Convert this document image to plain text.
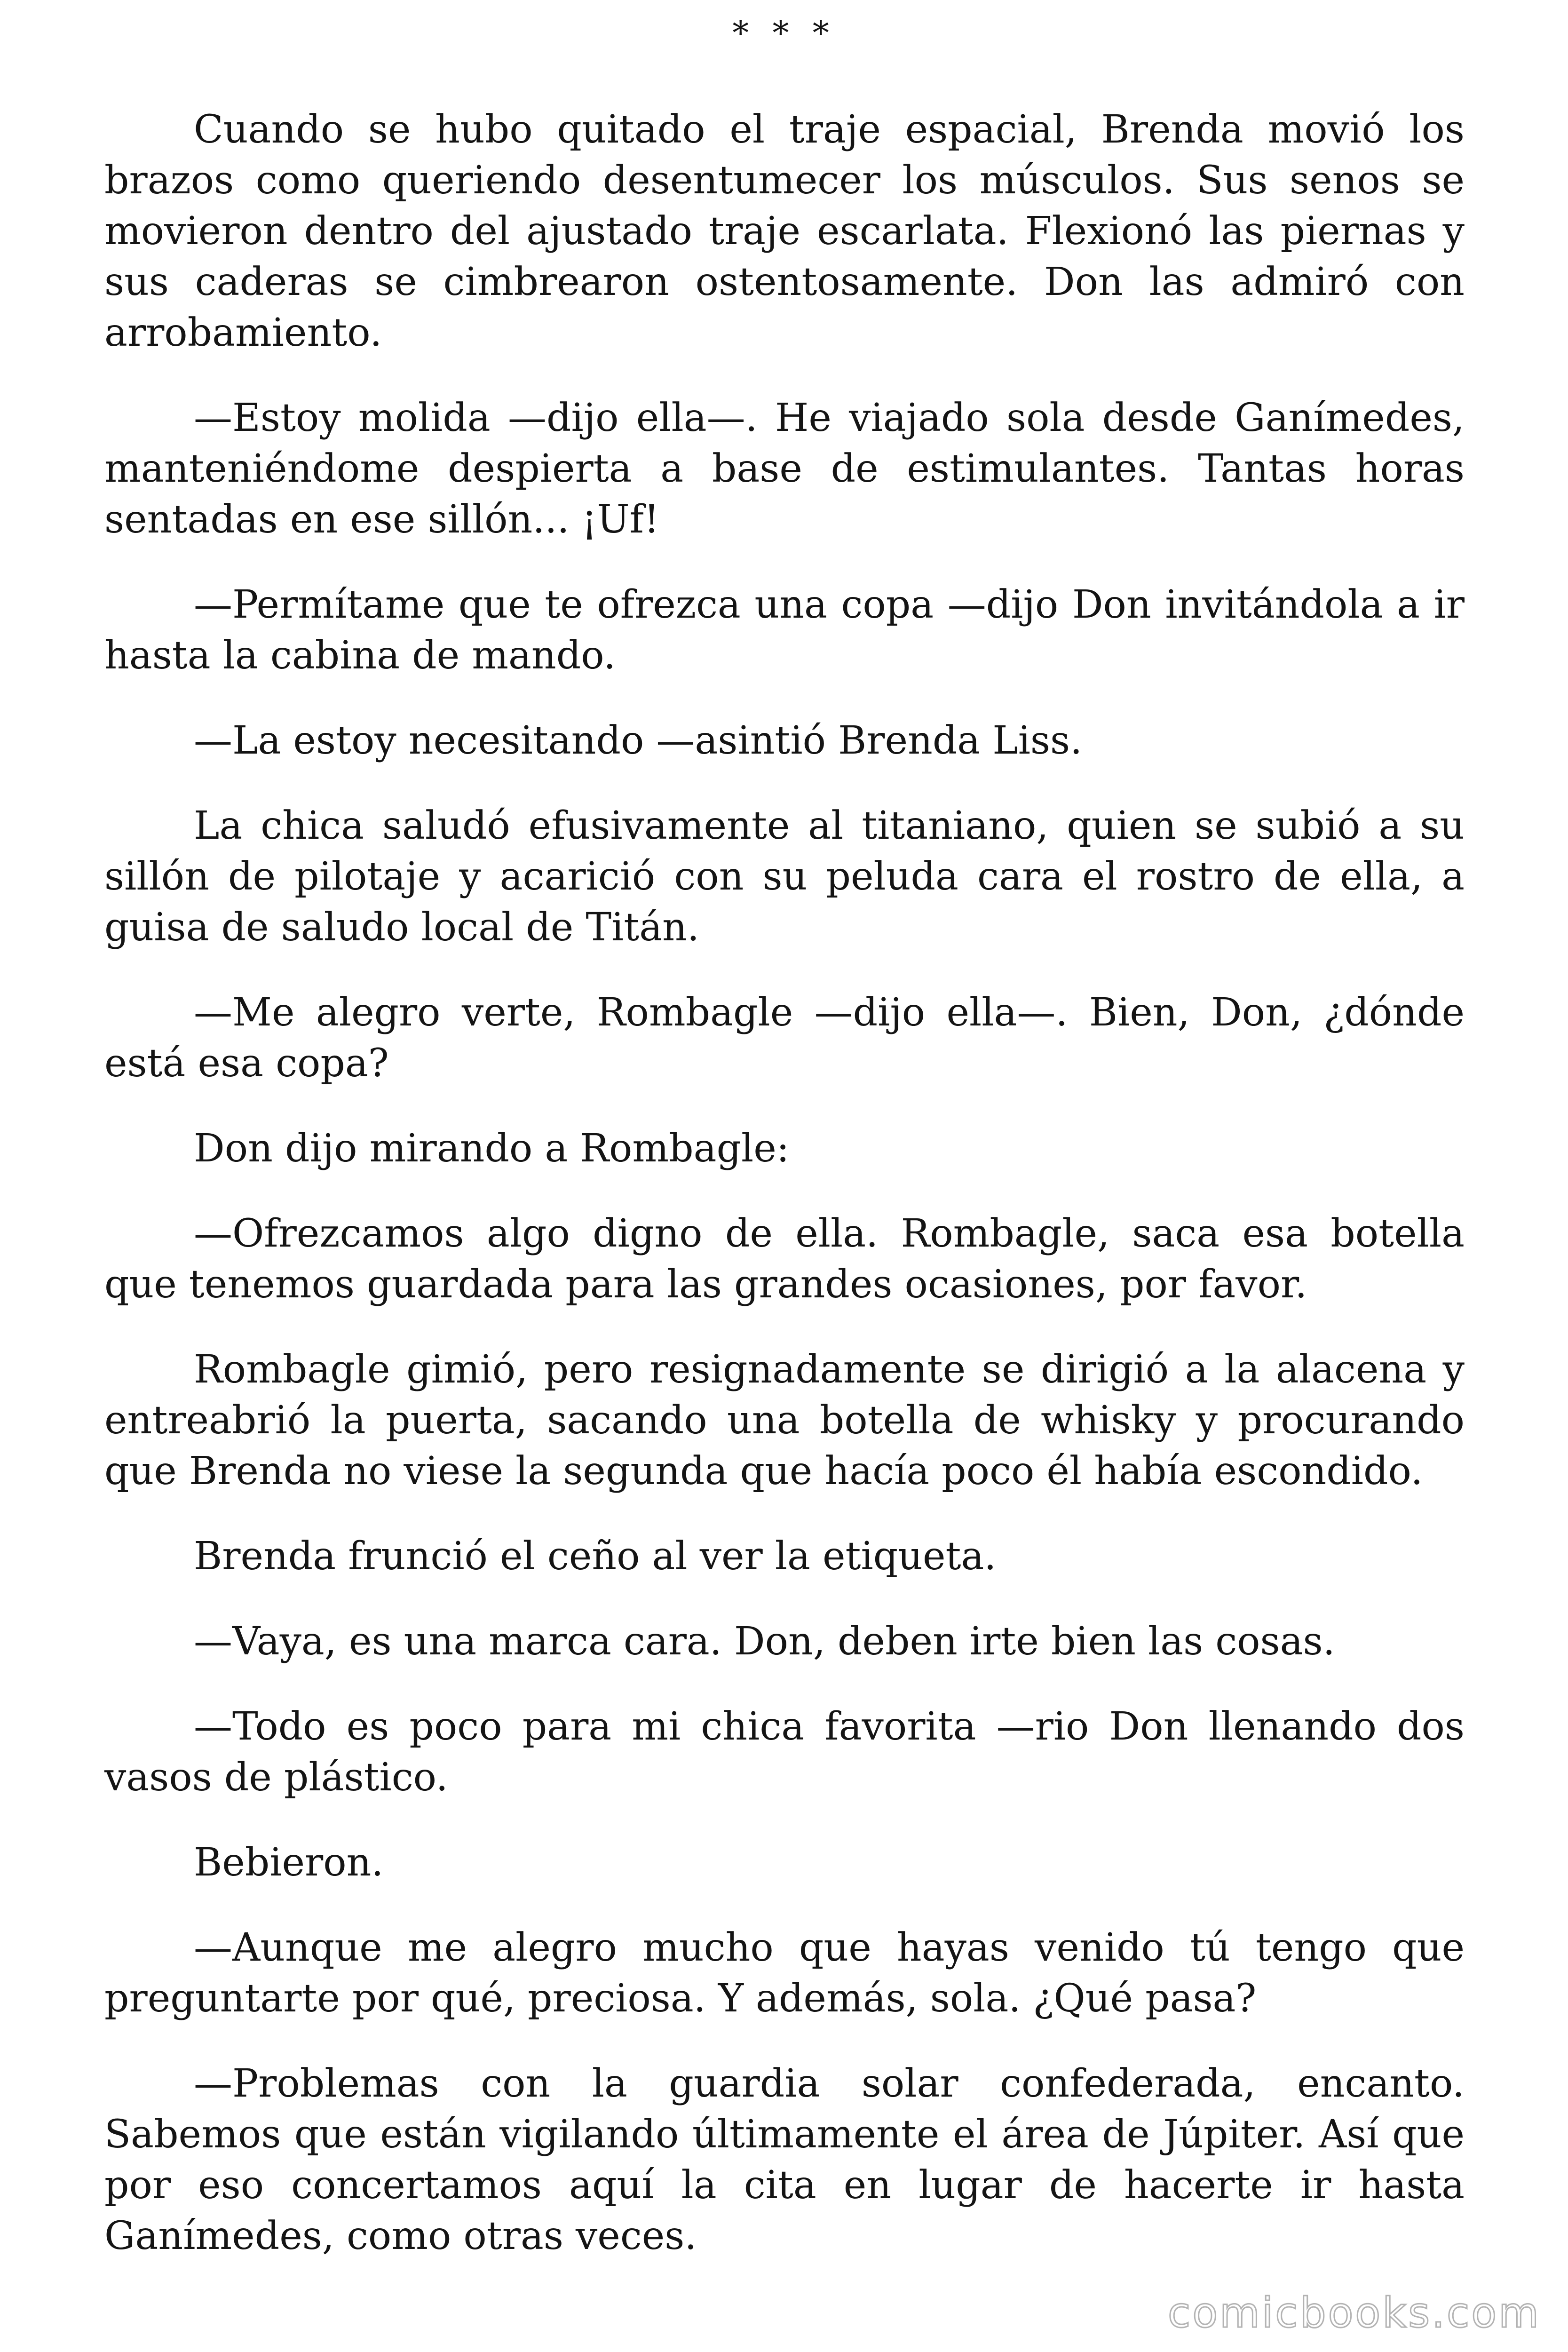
* * *

Cuando se hubo quitado el traje espacial, Brenda movió los brazos como queriendo desentumecer los músculos. Sus senos se movieron dentro del ajustado traje escarlata. Flexionó las piernas y sus caderas se cimbrearon ostentosamente. Don las admiró con arrobamiento.

—Estoy molida —dijo ella—. He viajado sola desde Ganímedes, manteniéndome despierta a base de estimulantes. Tantas horas sentadas en ese sillón... ¡Uf!

—Permítame que te ofrezca una copa —dijo Don invitándola a ir hasta la cabina de mando.

—La estoy necesitando —asintió Brenda Liss.

La chica saludó efusivamente al titaniano, quien se subió a su sillón de pilotaje y acarició con su peluda cara el rostro de ella, a guisa de saludo local de Titán.

—Me alegro verte, Rombagle —dijo ella—. Bien, Don, ¿dónde está esa copa?

Don dijo mirando a Rombagle:

—Ofrezcamos algo digno de ella. Rombagle, saca esa botella que tenemos guardada para las grandes ocasiones, por favor.

Rombagle gimió, pero resignadamente se dirigió a la alacena y entreabrió la puerta, sacando una botella de whisky y procurando que Brenda no viese la segunda que hacía poco él había escondido.

Brenda frunció el ceño al ver la etiqueta.

—Vaya, es una marca cara. Don, deben irte bien las cosas.

—Todo es poco para mi chica favorita —rio Don llenando dos vasos de plástico.

Bebieron.

—Aunque me alegro mucho que hayas venido tú tengo que preguntarte por qué, preciosa. Y además, sola. ¿Qué pasa?

—Problemas con la guardia solar confederada, encanto. Sabemos que están vigilando últimamente el área de Júpiter. Así que por eso concertamos aquí la cita en lugar de hacerte ir hasta Ganímedes, como otras veces.

comicbooks.com
